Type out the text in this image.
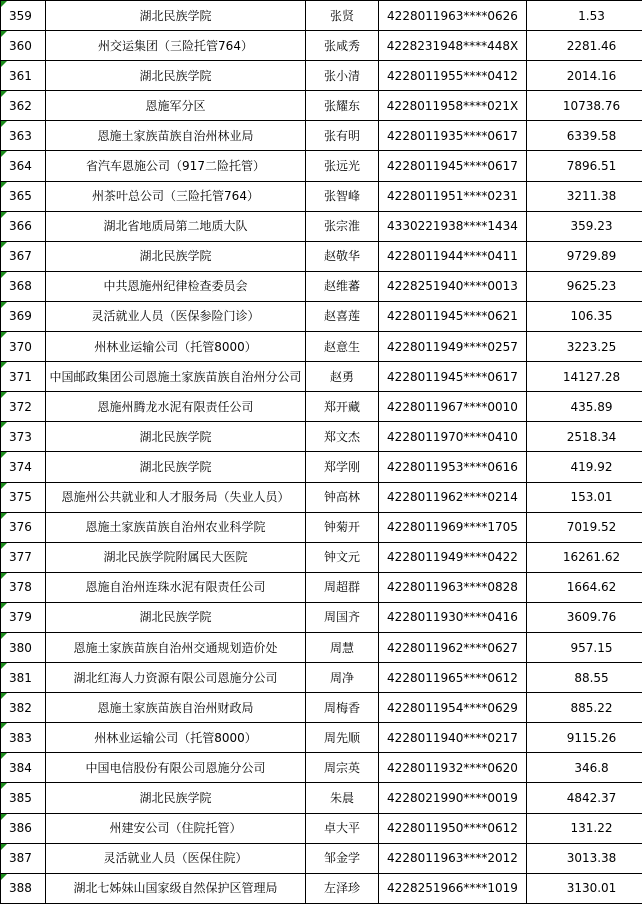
359	湖北民族学院	张贤	4228011963****0626	1.53
360	州交运集团（三险托管764）	张咸秀	4228231948****448X	2281.46
361	湖北民族学院	张小清	4228011955****0412	2014.16
362	恩施军分区	张耀东	4228011958****021X	10738.76
363	恩施土家族苗族自治州林业局	张有明	4228011935****0617	6339.58
364	省汽车恩施公司（917二险托管）	张远光	4228011945****0617	7896.51
365	州茶叶总公司（三险托管764）	张智峰	4228011951****0231	3211.38
366	湖北省地质局第二地质大队	张宗淮	4330221938****1434	359.23
367	湖北民族学院	赵敬华	4228011944****0411	9729.89
368	中共恩施州纪律检查委员会	赵维蕃	4228251940****0013	9625.23
369	灵活就业人员（医保参险门诊）	赵喜莲	4228011945****0621	106.35
370	州林业运输公司（托管8000）	赵意生	4228011949****0257	3223.25
371	中国邮政集团公司恩施土家族苗族自治州分公司	赵勇	4228011945****0617	14127.28
372	恩施州腾龙水泥有限责任公司	郑开藏	4228011967****0010	435.89
373	湖北民族学院	郑文杰	4228011970****0410	2518.34
374	湖北民族学院	郑学刚	4228011953****0616	419.92
375	恩施州公共就业和人才服务局（失业人员）	钟高林	4228011962****0214	153.01
376	恩施土家族苗族自治州农业科学院	钟菊开	4228011969****1705	7019.52
377	湖北民族学院附属民大医院	钟文元	4228011949****0422	16261.62
378	恩施自治州连珠水泥有限责任公司	周超群	4228011963****0828	1664.62
379	湖北民族学院	周国齐	4228011930****0416	3609.76
380	恩施土家族苗族自治州交通规划造价处	周慧	4228011962****0627	957.15
381	湖北红海人力资源有限公司恩施分公司	周净	4228011965****0612	88.55
382	恩施土家族苗族自治州财政局	周梅香	4228011954****0629	885.22
383	州林业运输公司（托管8000）	周先顺	4228011940****0217	9115.26
384	中国电信股份有限公司恩施分公司	周宗英	4228011932****0620	346.8
385	湖北民族学院	朱晨	4228021990****0019	4842.37
386	州建安公司（住院托管）	卓大平	4228011950****0612	131.22
387	灵活就业人员（医保住院）	邹金学	4228011963****2012	3013.38
388	湖北七姊妹山国家级自然保护区管理局	左泽珍	4228251966****1019	3130.01
